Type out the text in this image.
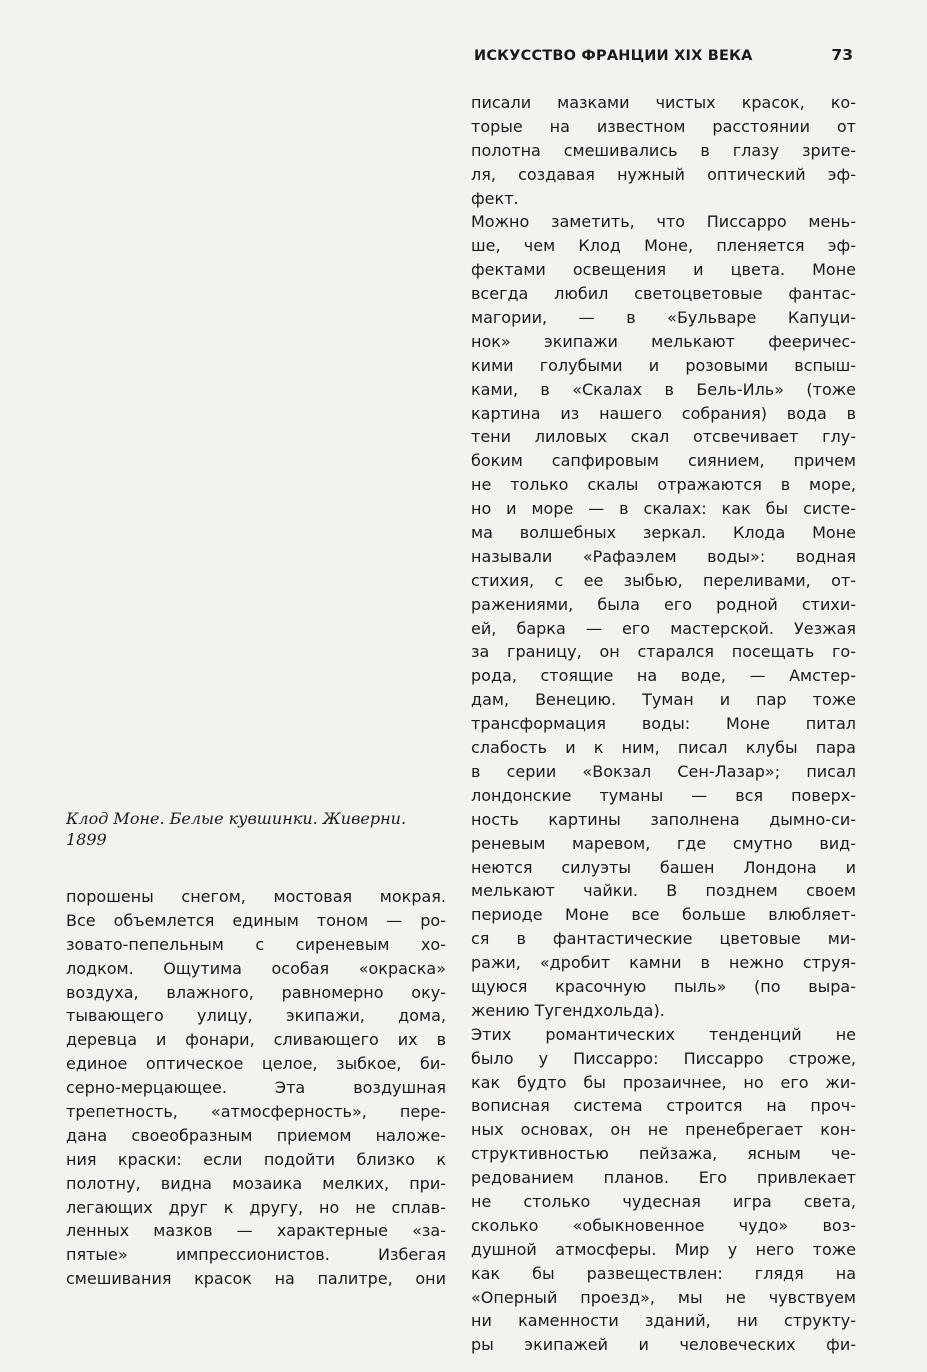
ИСКУССТВО ФРАНЦИИ XIX ВЕКА	73

Клод Моне. Белые кувшинки. Живерни.
1899

порошены снегом, мостовая мокрая.
Все объемлется единым тоном — ро-
зовато-пепельным с сиреневым хо-
лодком. Ощутима особая «окраска»
воздуха, влажного, равномерно оку-
тывающего улицу, экипажи, дома,
деревца и фонари, сливающего их в
единое оптическое целое, зыбкое, би-
серно-мерцающее. Эта воздушная
трепетность, «атмосферность», пере-
дана своеобразным приемом наложе-
ния краски: если подойти близко к
полотну, видна мозаика мелких, при-
легающих друг к другу, но не сплав-
ленных мазков — характерные «за-
пятые» импрессионистов. Избегая
смешивания красок на палитре, они
писали мазками чистых красок, ко-
торые на известном расстоянии от
полотна смешивались в глазу зрите-
ля, создавая нужный оптический эф-
фект.
Можно заметить, что Писсарро мень-
ше, чем Клод Моне, пленяется эф-
фектами освещения и цвета. Моне
всегда любил светоцветовые фантас-
магории, — в «Бульваре Капуци-
нок» экипажи мелькают фееричес-
кими голубыми и розовыми вспыш-
ками, в «Скалах в Бель-Иль» (тоже
картина из нашего собрания) вода в
тени лиловых скал отсвечивает глу-
боким сапфировым сиянием, причем
не только скалы отражаются в море,
но и море — в скалах: как бы систе-
ма волшебных зеркал. Клода Моне
называли «Рафаэлем воды»: водная
стихия, с ее зыбью, переливами, от-
ражениями, была его родной стихи-
ей, барка — его мастерской. Уезжая
за границу, он старался посещать го-
рода, стоящие на воде, — Амстер-
дам, Венецию. Туман и пар тоже
трансформация воды: Моне питал
слабость и к ним, писал клубы пара
в серии «Вокзал Сен-Лазар»; писал
лондонские туманы — вся поверх-
ность картины заполнена дымно-си-
реневым маревом, где смутно вид-
неются силуэты башен Лондона и
мелькают чайки. В позднем своем
периоде Моне все больше влюбляет-
ся в фантастические цветовые ми-
ражи, «дробит камни в нежно струя-
щуюся красочную пыль» (по выра-
жению Тугендхольда).
Этих романтических тенденций не
было у Писсарро: Писсарро строже,
как будто бы прозаичнее, но его жи-
вописная система строится на проч-
ных основах, он не пренебрегает кон-
структивностью пейзажа, ясным че-
редованием планов. Его привлекает
не столько чудесная игра света,
сколько «обыкновенное чудо» воз-
душной атмосферы. Мир у него тоже
как бы развеществлен: глядя на
«Оперный проезд», мы не чувствуем
ни каменности зданий, ни структу-
ры экипажей и человеческих фи-
